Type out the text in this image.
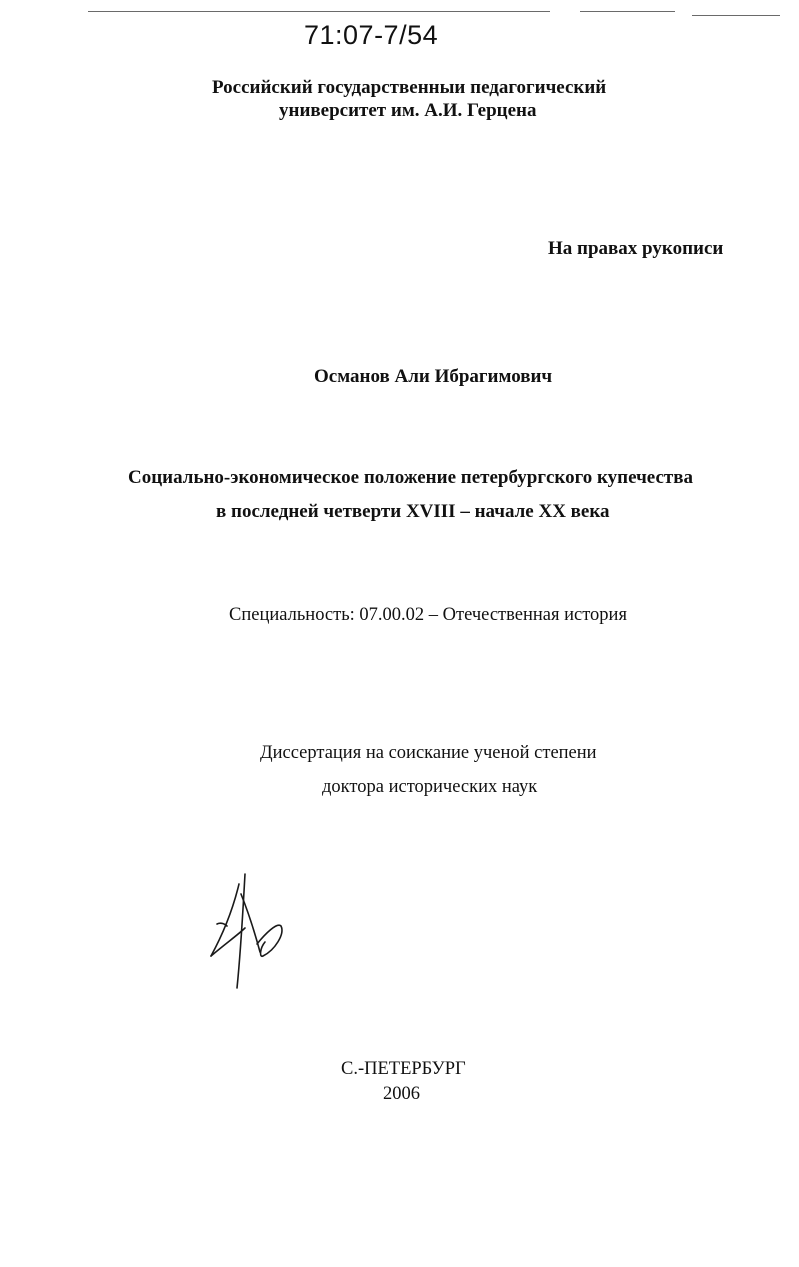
71:07-7/54
Российский государственныи педагогический
университет им. А.И. Герцена
На правах рукописи
Османов Али Ибрагимович
Социально-экономическое положение петербургского купечества
в последней четверти XVIII – начале XX века
Специальность: 07.00.02 – Отечественная история
Диссертация на соискание ученой степени
доктора исторических наук
С.-ПЕТЕРБУРГ
2006
